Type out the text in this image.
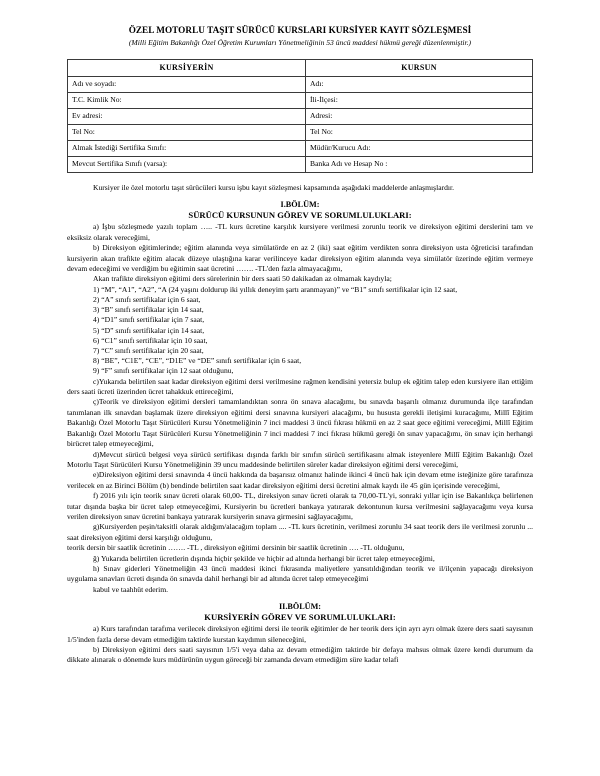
ÖZEL MOTORLU TAŞIT SÜRÜCÜ KURSLARI KURSİYER KAYIT SÖZLEŞMESİ
(Milli Eğitim Bakanlığı Özel Öğretim Kurumları Yönetmeliğinin 53 üncü maddesi hükmü gereği düzenlenmiştir.)
KURSİYERİN	KURSUN
Adı ve soyadı:	Adı:
T.C. Kimlik No:	İli-İlçesi:
Ev adresi:	Adresi:
Tel No:	Tel No:
Almak İstediği Sertifika Sınıfı:	Müdür/Kurucu Adı:
Mevcut Sertifika Sınıfı (varsa):	Banka Adı ve Hesap No :

Kursiyer ile özel motorlu taşıt sürücüleri kursu işbu kayıt sözleşmesi kapsamında aşağıdaki maddelerde anlaşmışlardır.

I.BÖLÜM:
SÜRÜCÜ KURSUNUN GÖREV VE SORUMLULUKLARI:

a) İşbu sözleşmede yazılı toplam ….. -TL kurs ücretine karşılık kursiyere verilmesi zorunlu teorik ve direksiyon eğitimi derslerini tam ve eksiksiz olarak vereceğimi,

b) Direksiyon eğitimlerinde; eğitim alanında veya simülatörde en az 2 (iki) saat eğitim verdikten sonra direksiyon usta öğreticisi tarafından kursiyerin akan trafikte eğitim alacak düzeye ulaştığına karar verilinceye kadar direksiyon eğitim alanında veya simülatör üzerinde eğitim vermeye devam edeceğimi ve verdiğim bu eğitimin saat ücretini ……. -TL'den fazla almayacağımı,

Akan trafikte direksiyon eğitimi ders sürelerinin bir ders saati 50 dakikadan az olmamak kaydıyla;

1) “M”, “A1”, “A2”, “A (24 yaşını doldurup iki yıllık deneyim şartı aranmayan)” ve “B1” sınıfı sertifikalar için 12 saat,
2) “A” sınıfı sertifikalar için 6 saat,
3) “B” sınıfı sertifikalar için 14 saat,
4) “D1” sınıfı sertifikalar için 7 saat,
5) “D” sınıfı sertifikalar için 14 saat,
6) “C1” sınıfı sertifikalar için 10 saat,
7) “C” sınıfı sertifikalar için 20 saat,
8) “BE”, “C1E”, “CE”, “D1E” ve “DE” sınıfı sertifikalar için 6 saat,
9) “F” sınıfı sertifikalar için 12 saat olduğunu,

c)Yukarıda belirtilen saat kadar direksiyon eğitimi dersi verilmesine rağmen kendisini yetersiz bulup ek eğitim talep eden kursiyere ilan ettiğim ders saati ücreti üzerinden ücret tahakkuk ettireceğimi,

ç)Teorik ve direksiyon eğitimi dersleri tamamlandıktan sonra ön sınava alacağımı, bu sınavda başarılı olmanız durumunda ilçe tarafından tanımlanan ilk sınavdan başlamak üzere direksiyon eğitimi dersi sınavına kursiyeri alacağımı, bu hususta gerekli iletişimi kuracağımı, Millî Eğitim Bakanlığı Özel Motorlu Taşıt Sürücüleri Kursu Yönetmeliğinin 7 inci maddesi 3 üncü fıkrası hükmü en az 2 saat gece eğitimi vereceğimi, Millî Eğitim Bakanlığı Özel Motorlu Taşıt Sürücüleri Kursu Yönetmeliğinin 7 inci maddesi 7 inci fıkrası hükmü gereği ön sınav yapacağımı, ön sınav için herhangi birücret talep etmeyeceğimi,

d)Mevcut sürücü belgesi veya sürücü sertifikası dışında farklı bir sınıfın sürücü sertifikasını almak isteyenlere Millî Eğitim Bakanlığı Özel Motorlu Taşıt Sürücüleri Kursu Yönetmeliğinin 39 uncu maddesinde belirtilen süreler kadar direksiyon eğitimi dersi vereceğimi,

e)Direksiyon eğitimi dersi sınavında 4 üncü hakkında da başarısız olmanız halinde ikinci 4 üncü hak için devam etme isteğinize göre tarafınıza verilecek en az Birinci Bölüm (b) bendinde belirtilen saat kadar direksiyon eğitimi dersi ücretini almak kaydı ile 45 gün içerisinde vereceğimi,

f) 2016 yılı için teorik sınav ücreti olarak 60,00- TL, direksiyon sınav ücreti olarak ta 70,00-TL'yi, sonraki yıllar için ise Bakanlıkça belirlenen tutar dışında başka bir ücret talep etmeyeceğimi, Kursiyerin bu ücretleri bankaya yatırarak dekontunun kursa verilmesini sağlayacağımı veya kursa verilen direksiyon sınav ücretini bankaya yatırarak kursiyerin sınava girmesini sağlayacağımı,

g)Kursiyerden peşin/taksitli olarak aldığım/alacağım toplam .... -TL kurs ücretinin, verilmesi zorunlu 34 saat teorik ders ile verilmesi zorunlu ... saat direksiyon eğitimi dersi karşılığı olduğunu,

teorik dersin bir saatlik ücretinin ……. -TL , direksiyon eğitimi dersinin bir saatlik ücretinin …. -TL olduğunu,

ğ) Yukarıda belirtilen ücretlerin dışında hiçbir şekilde ve hiçbir ad altında herhangi bir ücret talep etmeyeceğimi,

h) Sınav giderleri Yönetmeliğin 43 üncü maddesi ikinci fıkrasında maliyetlere yansıtıldığından teorik ve il/ilçenin yapacağı direksiyon uygulama sınavları ücreti dışında ön sınavda dahil herhangi bir ad altında ücret talep etmeyeceğimi

kabul ve taahhüt ederim.

II.BÖLÜM:
KURSİYERİN GÖREV VE SORUMLULUKLARI:

a) Kurs tarafından tarafıma verilecek direksiyon eğitimi dersi ile teorik eğitimler de her teorik ders için ayrı ayrı olmak üzere ders saati sayısının 1/5'inden fazla derse devam etmediğim taktirde kurstan kaydımın sileneceğini,

b) Direksiyon eğitimi ders saati sayısının 1/5'i veya daha az devam etmediğim taktirde bir defaya mahsus olmak üzere kendi durumum da dikkate alınarak o dönemde kurs müdürünün uygun göreceği bir zamanda devam etmediğim süre kadar telafi
